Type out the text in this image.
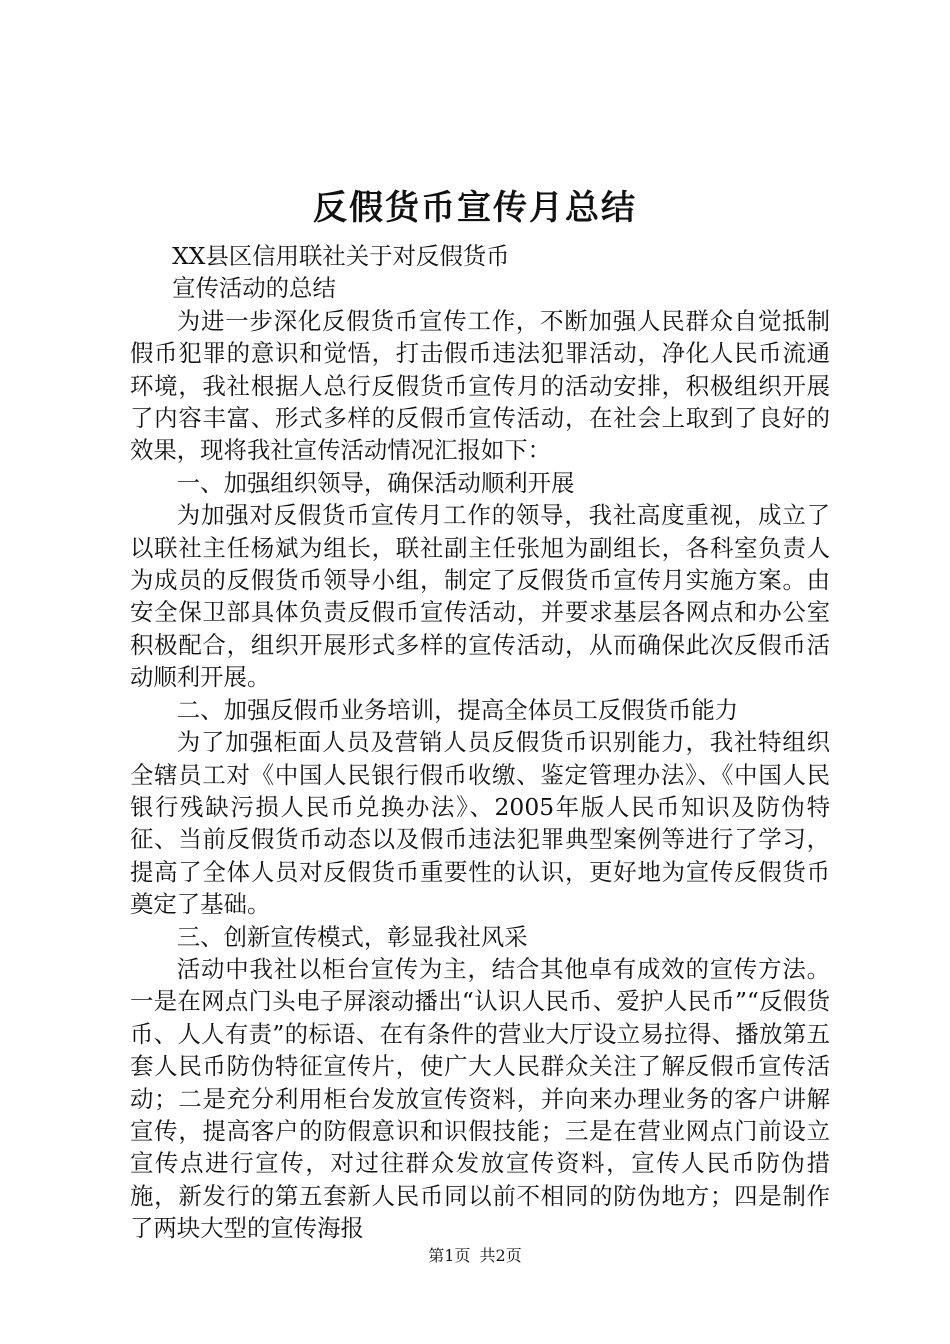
反假货币宣传月总结

XX县区信用联社关于对反假货币

宣传活动的总结

为进一步深化反假货币宣传工作，不断加强人民群众自觉抵制假币犯罪的意识和觉悟，打击假币违法犯罪活动，净化人民币流通环境，我社根据人总行反假货币宣传月的活动安排，积极组织开展了内容丰富、形式多样的反假币宣传活动，在社会上取到了良好的效果，现将我社宣传活动情况汇报如下：

一、加强组织领导，确保活动顺利开展

为加强对反假货币宣传月工作的领导，我社高度重视，成立了以联社主任杨斌为组长，联社副主任张旭为副组长，各科室负责人为成员的反假货币领导小组，制定了反假货币宣传月实施方案。由安全保卫部具体负责反假币宣传活动，并要求基层各网点和办公室积极配合，组织开展形式多样的宣传活动，从而确保此次反假币活动顺利开展。

二、加强反假币业务培训，提高全体员工反假货币能力

为了加强柜面人员及营销人员反假货币识别能力，我社特组织全辖员工对《中国人民银行假币收缴、鉴定管理办法》、《中国人民银行残缺污损人民币兑换办法》、2005年版人民币知识及防伪特征、当前反假货币动态以及假币违法犯罪典型案例等进行了学习，提高了全体人员对反假货币重要性的认识，更好地为宣传反假货币奠定了基础。

三、创新宣传模式，彰显我社风采

活动中我社以柜台宣传为主，结合其他卓有成效的宣传方法。一是在网点门头电子屏滚动播出“认识人民币、爱护人民币”“反假货币、人人有责”的标语、在有条件的营业大厅设立易拉得、播放第五套人民币防伪特征宣传片，使广大人民群众关注了解反假币宣传活动；二是充分利用柜台发放宣传资料，并向来办理业务的客户讲解宣传，提高客户的防假意识和识假技能；三是在营业网点门前设立宣传点进行宣传，对过往群众发放宣传资料，宣传人民币防伪措施，新发行的第五套新人民币同以前不相同的防伪地方；四是制作了两块大型的宣传海报

第1页 共2页
